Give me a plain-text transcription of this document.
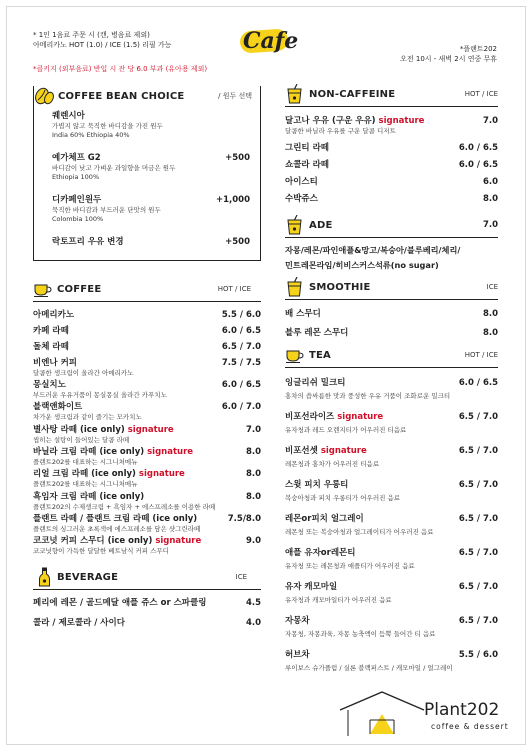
* 1인 1음료 주문 시 (캔, 병음료 제외)
아메리카노 HOT (1.0) / ICE (1.5) 리필 가능
*클키지 (외부음료) 반입 시 잔 당 6.0 부과 (유아용 제외)
Cafe	*플랜트202
오전 10시 - 새벽 2시 연중 무휴
COFFEE BEAN CHOICE	/ 원두 선택
퀘렌시아
가볍지 않고 묵직한 바디감을 가진 원두
India 60% Ethiopia 40%
예가체프 G2	+500
바디감이 낮고 가벼운 과일향을 머금은 원두
Ethiopia 100%
디카페인원두	+1,000
묵직한 바디감과 부드러운 단맛의 원두
Colombia 100%
락토프리 우유 변경	+500
COFFEE	HOT / ICE
아메리카노	5.5 / 6.0
카페 라떼	6.0 / 6.5
돌체 라떼	6.5 / 7.0
비엔나 커피	7.5 / 7.5
달콤한 생크림이 올라간 아메리카노
몽실치노	6.0 / 6.5
부드러운 우유거품이 몽실몽실 올라간 카푸치노
블랙앤화이트	6.0 / 7.0
차가운 생크림과 같이 즐기는 모카치노
별사탕 라떼 (ice only) signature	7.0
씹히는 설탕이 들어있는 달콤 라떼
바닐라 크림 라떼 (ice only) signature	8.0
플랜트202를 대표하는 시그니처메뉴
리얼 크림 라떼 (ice only) signature	8.0
플랜트202를 대표하는 시그니처메뉴
흑임자 크림 라떼 (ice only)	8.0
플랜트202의 수제생크림 + 흑임자 + 에스프레소를 이용한 라떼
플랜트 라떼 / 플랜트 크림 라떼 (ice only)	7.5/8.0
플랜트의 싱그러운 초록색에 에스프레소를 담은 샷그린라떼
코코넛 커피 스무디 (ice only) signature	9.0
코코넛향이 가득한 달달한 베트남식 커피 스무디
BEVERAGE	ICE
페리에 레몬 / 골드메달 애플 쥬스 or 스파클링	4.5
콜라 / 제로콜라 / 사이다	4.0
NON-CAFFEINE	HOT / ICE
달고나 우유 (구운 우유) signature	7.0
달콤한 바닐라 우유를 구운 달콤 디저트
그린티 라떼	6.0 / 6.5
쇼콜라 라떼	6.0 / 6.5
아이스티	6.0
수박쥬스	8.0
ADE	7.0
자몽/레몬/파인애플&망고/복숭아/블루베리/체리/
민트레몬라임/히비스커스석류(no sugar)
SMOOTHIE	ICE
배 스무디	8.0
블루 레몬 스무디	8.0
TEA	HOT / ICE
잉글리쉬 밀크티	6.0 / 6.5
홍차의 씁싸름한 맛과 풍성한 우유 거품이 조화로운 밀크티
비포선라이즈 signature	6.5 / 7.0
유자청과 레드 오렌지티가 어우러진 티음료
비포선셋 signature	6.5 / 7.0
레몬청과 홍차가 어우러진 티음료
스윗 피치 우롱티	6.5 / 7.0
복숭아청과 피치 우롱티가 어우러진 음료
레몬or피치 얼그레이	6.5 / 7.0
레몬청 또는 복숭아청과 얼그레이티가 어우러진 음료
애플 유자or레몬티	6.5 / 7.0
유자청 또는 레몬청과 애플티가 어우러진 음료
유자 캐모마일	6.5 / 7.0
유자청과 캐모마일티가 어우러진 음료
자몽차	6.5 / 7.0
자몽청, 자몽과육, 자몽 농축액이 듬뿍 들어간 티 음료
허브차	5.5 / 6.0
루이보스 슈가플럼 / 실론 블랙퍼스트 / 캐모마일 / 얼그레이
Plant202
coffee & dessert
